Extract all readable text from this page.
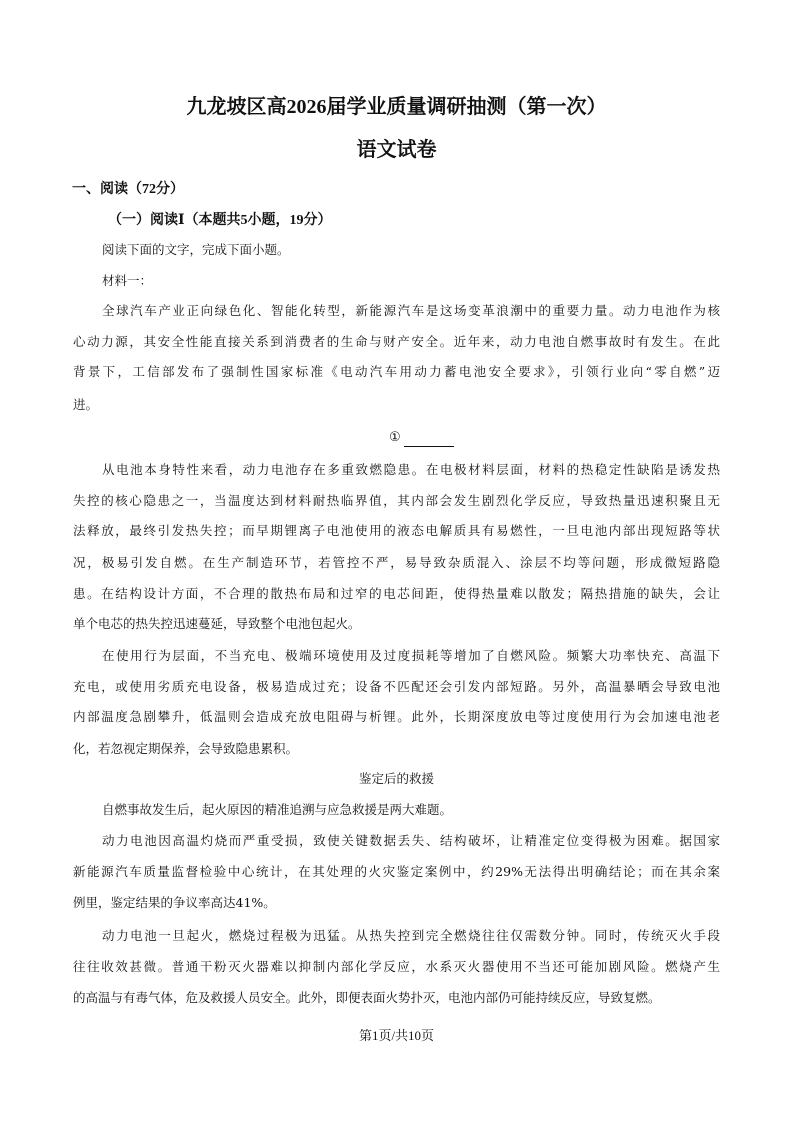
九龙坡区高2026届学业质量调研抽测（第一次）
语文试卷
一、阅读（72分）
（一）阅读Ⅰ（本题共5小题，19分）
阅读下面的文字，完成下面小题。
材料一：
全球汽车产业正向绿色化、智能化转型，新能源汽车是这场变革浪潮中的重要力量。动力电池作为核
心动力源，其安全性能直接关系到消费者的生命与财产安全。近年来，动力电池自燃事故时有发生。在此
背景下，工信部发布了强制性国家标准《电动汽车用动力蓄电池安全要求》，引领行业向“零自燃”迈
进。
①
从电池本身特性来看，动力电池存在多重致燃隐患。在电极材料层面，材料的热稳定性缺陷是诱发热
失控的核心隐患之一，当温度达到材料耐热临界值，其内部会发生剧烈化学反应，导致热量迅速积聚且无
法释放，最终引发热失控；而早期锂离子电池使用的液态电解质具有易燃性，一旦电池内部出现短路等状
况，极易引发自燃。在生产制造环节，若管控不严，易导致杂质混入、涂层不均等问题，形成微短路隐
患。在结构设计方面，不合理的散热布局和过窄的电芯间距，使得热量难以散发；隔热措施的缺失，会让
单个电芯的热失控迅速蔓延，导致整个电池包起火。
在使用行为层面，不当充电、极端环境使用及过度损耗等增加了自燃风险。频繁大功率快充、高温下
充电，或使用劣质充电设备，极易造成过充；设备不匹配还会引发内部短路。另外，高温暴晒会导致电池
内部温度急剧攀升，低温则会造成充放电阻碍与析锂。此外，长期深度放电等过度使用行为会加速电池老
化，若忽视定期保养，会导致隐患累积。
鉴定后的救援
自燃事故发生后，起火原因的精准追溯与应急救援是两大难题。
动力电池因高温灼烧而严重受损，致使关键数据丢失、结构破坏，让精准定位变得极为困难。据国家
新能源汽车质量监督检验中心统计，在其处理的火灾鉴定案例中，约29%无法得出明确结论；而在其余案
例里，鉴定结果的争议率高达41%。
动力电池一旦起火，燃烧过程极为迅猛。从热失控到完全燃烧往往仅需数分钟。同时，传统灭火手段
往往收效甚微。普通干粉灭火器难以抑制内部化学反应，水系灭火器使用不当还可能加剧风险。燃烧产生
的高温与有毒气体，危及救援人员安全。此外，即便表面火势扑灭，电池内部仍可能持续反应，导致复燃。
第1页/共10页
